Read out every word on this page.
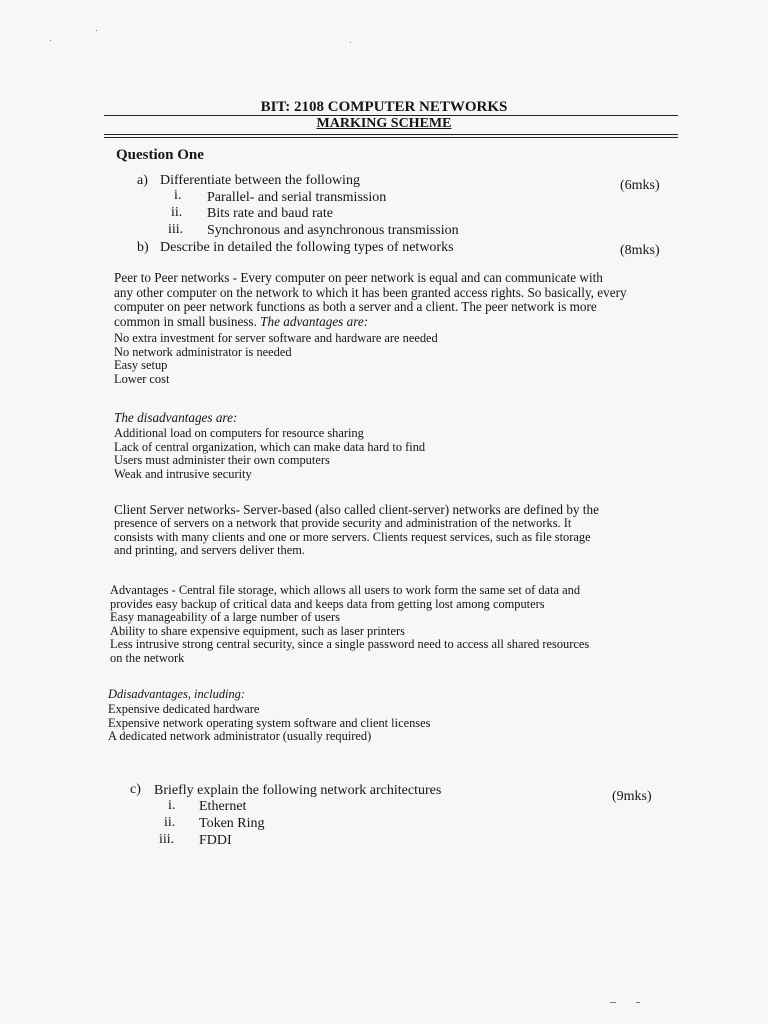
BIT: 2108 COMPUTER NETWORKS
MARKING SCHEME
Question One
a) Differentiate between the following	(6mks)
i. Parallel- and serial transmission
ii. Bits rate and baud rate
iii. Synchronous and asynchronous transmission
b) Describe in detailed the following types of networks	(8mks)
Peer to Peer networks - Every computer on peer network is equal and can communicate with
any other computer on the network to which it has been granted access rights. So basically, every
computer on peer network functions as both a server and a client. The peer network is more
common in small business. The advantages are:
No extra investment for server software and hardware are needed
No network administrator is needed
Easy setup
Lower cost
The disadvantages are:
Additional load on computers for resource sharing
Lack of central organization, which can make data hard to find
Users must administer their own computers
Weak and intrusive security
Client Server networks- Server-based (also called client-server) networks are defined by the
presence of servers on a network that provide security and administration of the networks. It
consists with many clients and one or more servers. Clients request services, such as file storage
and printing, and servers deliver them.
Advantages - Central file storage, which allows all users to work form the same set of data and
provides easy backup of critical data and keeps data from getting lost among computers
Easy manageability of a large number of users
Ability to share expensive equipment, such as laser printers
Less intrusive strong central security, since a single password need to access all shared resources
on the network
Ddisadvantages, including:
Expensive dedicated hardware
Expensive network operating system software and client licenses
A dedicated network administrator (usually required)
c) Briefly explain the following network architectures	(9mks)
i. Ethernet
ii. Token Ring
iii. FDDI
